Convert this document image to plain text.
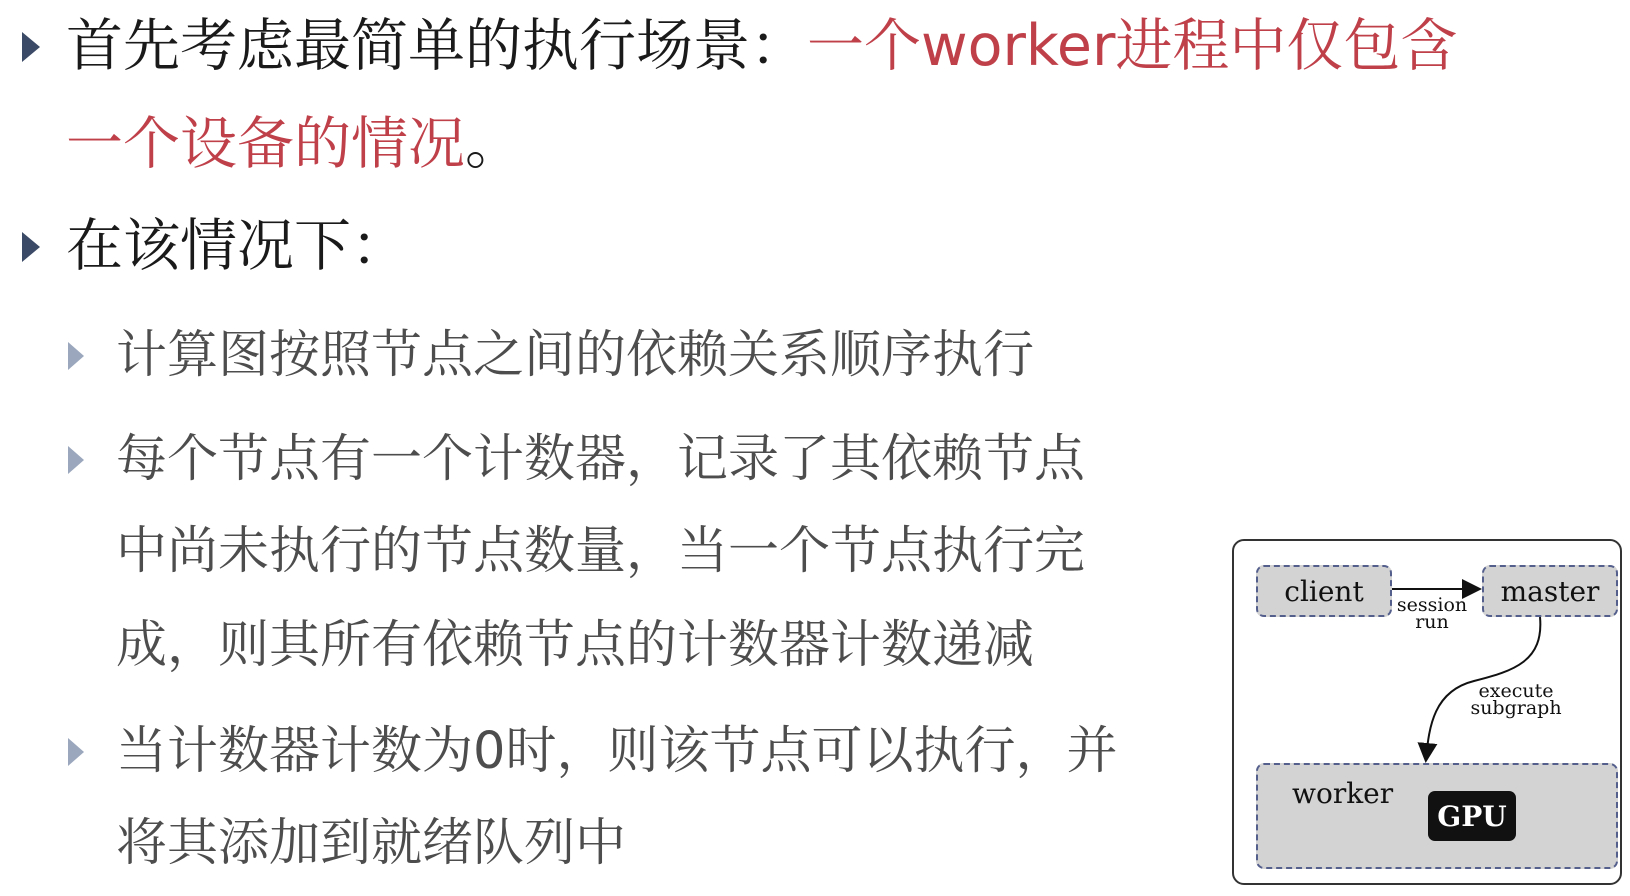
首先考虑最简单的执行场景：一个worker进程中仅包含
一个设备的情况。
在该情况下：
计算图按照节点之间的依赖关系顺序执行
每个节点有一个计数器，记录了其依赖节点
中尚未执行的节点数量，当一个节点执行完
成，则其所有依赖节点的计数器计数递减
当计数器计数为0时，则该节点可以执行，并
将其添加到就绪队列中
client	master
session
run
execute
subgraph
worker
GPU
